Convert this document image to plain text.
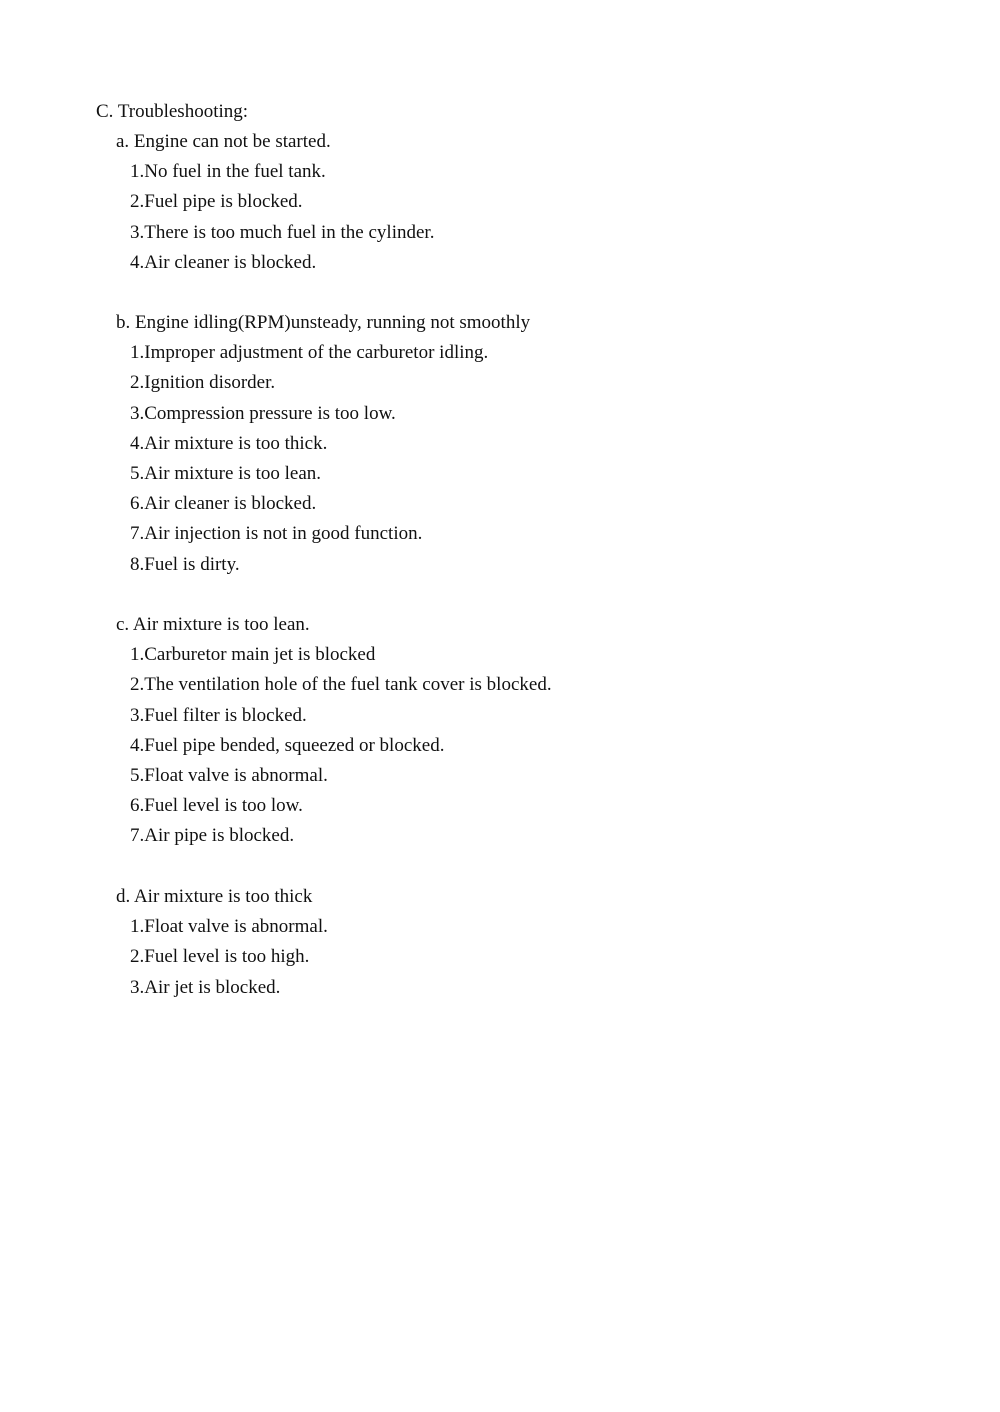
C. Troubleshooting:
a. Engine can not be started.
1.No fuel in the fuel tank.
2.Fuel pipe is blocked.
3.There is too much fuel in the cylinder.
4.Air cleaner is blocked.
b. Engine idling(RPM)unsteady, running not smoothly
1.Improper adjustment of the carburetor idling.
2.Ignition disorder.
3.Compression pressure is too low.
4.Air mixture is too thick.
5.Air mixture is too lean.
6.Air cleaner is blocked.
7.Air injection is not in good function.
8.Fuel is dirty.
c. Air mixture is too lean.
1.Carburetor main jet is blocked
2.The ventilation hole of the fuel tank cover is blocked.
3.Fuel filter is blocked.
4.Fuel pipe bended, squeezed or blocked.
5.Float valve is abnormal.
6.Fuel level is too low.
7.Air pipe is blocked.
d. Air mixture is too thick
1.Float valve is abnormal.
2.Fuel level is too high.
3.Air jet is blocked.
